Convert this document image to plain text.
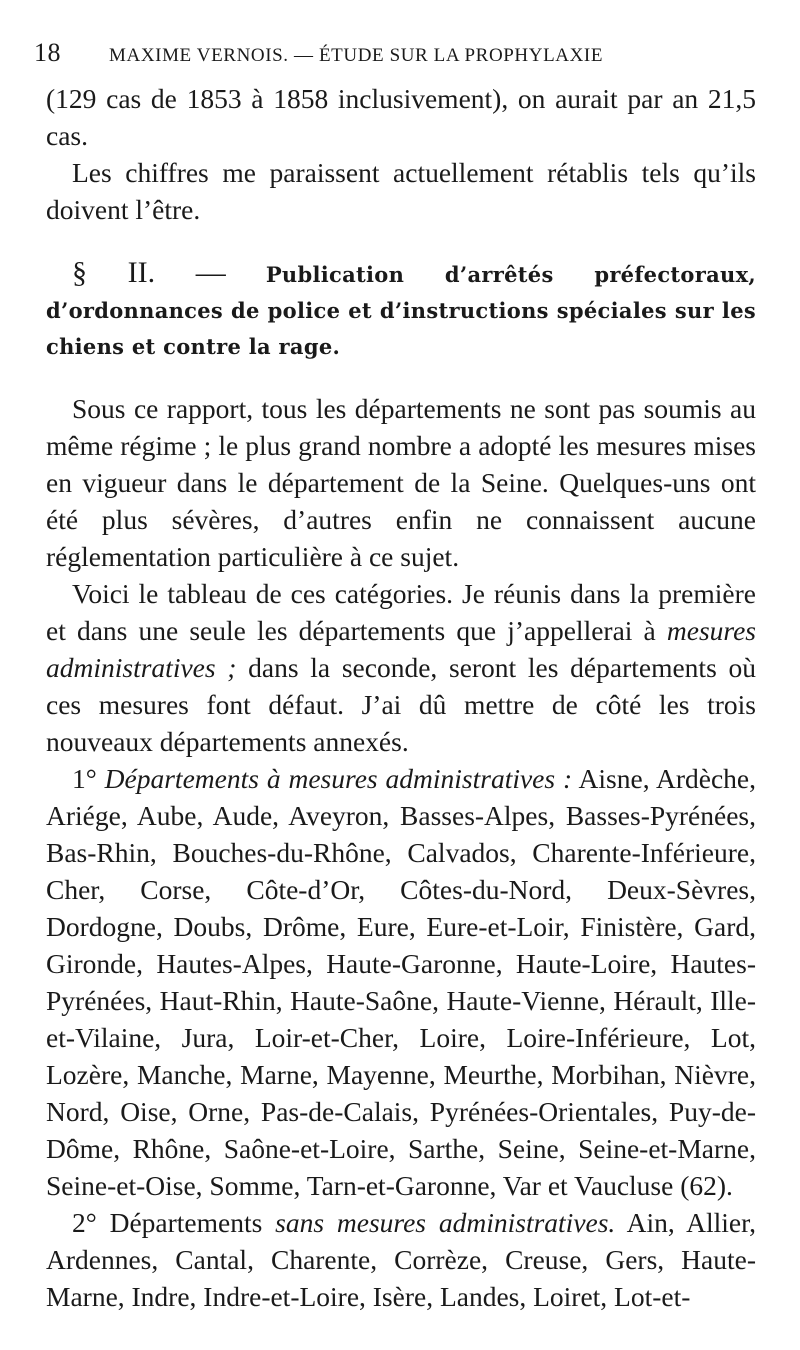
18	MAXIME VERNOIS. — ÉTUDE SUR LA PROPHYLAXIE

(129 cas de 1853 à 1858 inclusivement), on aurait par an 21,5 cas.

Les chiffres me paraissent actuellement rétablis tels qu’ils doivent l’être.

§ II. — Publication d’arrêtés préfectoraux, d’ordonnances de police et d’instructions spéciales sur les chiens et contre la rage.

Sous ce rapport, tous les départements ne sont pas soumis au même régime ; le plus grand nombre a adopté les mesures mises en vigueur dans le département de la Seine. Quelques-uns ont été plus sévères, d’autres enfin ne connaissent aucune réglementation particulière à ce sujet.

Voici le tableau de ces catégories. Je réunis dans la première et dans une seule les départements que j’appellerai à mesures administratives ; dans la seconde, seront les départements où ces mesures font défaut. J’ai dû mettre de côté les trois nouveaux départements annexés.

1° Départements à mesures administratives : Aisne, Ardèche, Ariége, Aube, Aude, Aveyron, Basses-Alpes, Basses-Pyrénées, Bas-Rhin, Bouches-du-Rhône, Calvados, Charente-Inférieure, Cher, Corse, Côte-d’Or, Côtes-du-Nord, Deux-Sèvres, Dordogne, Doubs, Drôme, Eure, Eure-et-Loir, Finistère, Gard, Gironde, Hautes-Alpes, Haute-Garonne, Haute-Loire, Hautes-Pyrénées, Haut-Rhin, Haute-Saône, Haute-Vienne, Hérault, Ille-et-Vilaine, Jura, Loir-et-Cher, Loire, Loire-Inférieure, Lot, Lozère, Manche, Marne, Mayenne, Meurthe, Morbihan, Nièvre, Nord, Oise, Orne, Pas-de-Calais, Pyrénées-Orientales, Puy-de-Dôme, Rhône, Saône-et-Loire, Sarthe, Seine, Seine-et-Marne, Seine-et-Oise, Somme, Tarn-et-Garonne, Var et Vaucluse (62).

2° Départements sans mesures administratives. Ain, Allier, Ardennes, Cantal, Charente, Corrèze, Creuse, Gers, Haute-Marne, Indre, Indre-et-Loire, Isère, Landes, Loiret, Lot-et-
